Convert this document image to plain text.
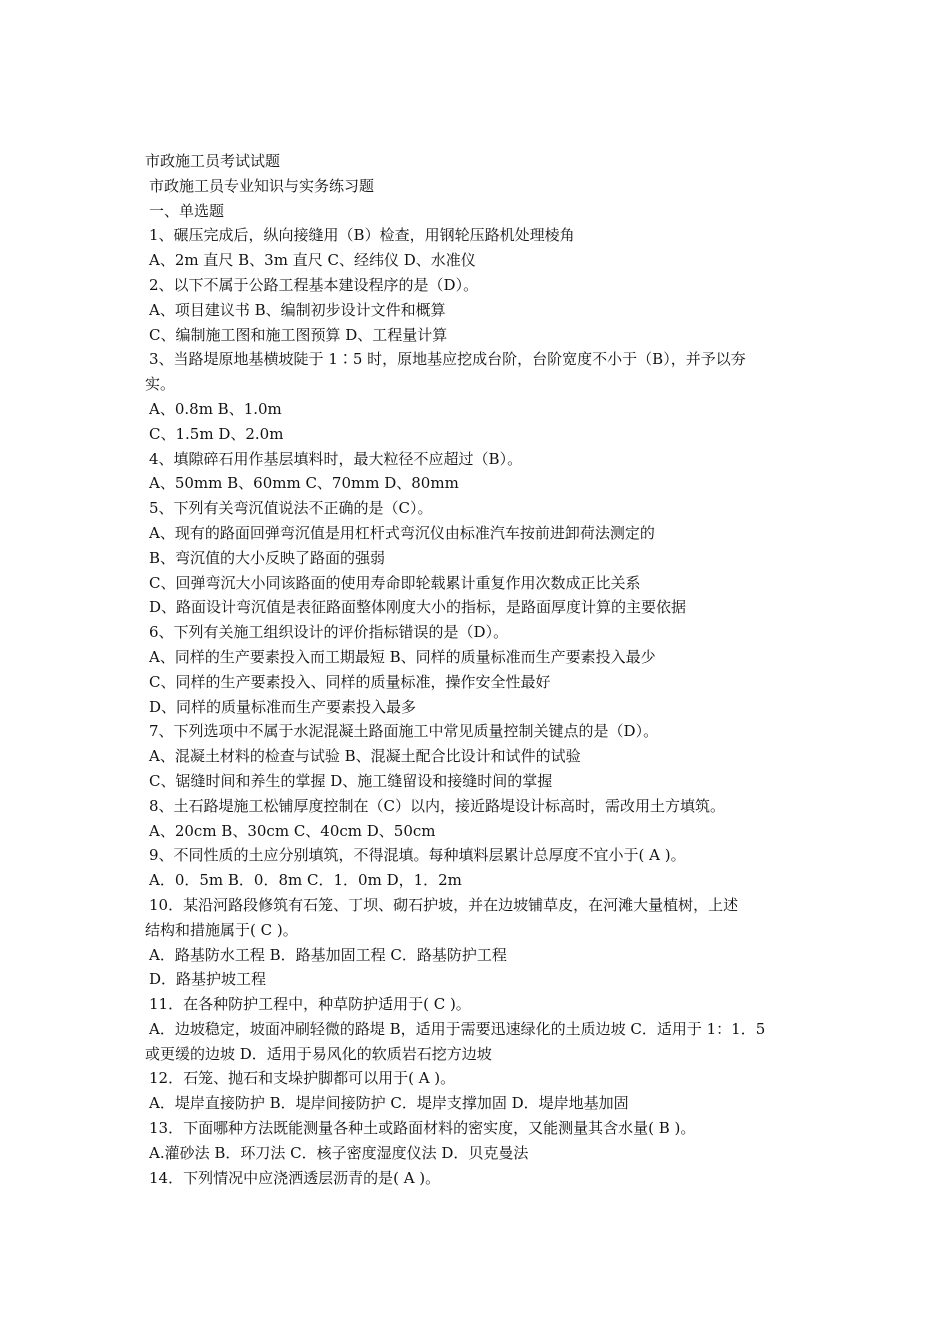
市政施工员考试试题
市政施工员专业知识与实务练习题
一、单选题
1、碾压完成后，纵向接缝用（B）检查，用钢轮压路机处理棱角
A、2m 直尺 B、3m 直尺 C、经纬仪 D、水准仪
2、以下不属于公路工程基本建设程序的是（D）。
A、项目建议书 B、编制初步设计文件和概算
C、编制施工图和施工图预算 D、工程量计算
3、当路堤原地基横坡陡于 1∶5 时，原地基应挖成台阶，台阶宽度不小于（B），并予以夯
实。
A、0.8m B、1.0m
C、1.5m D、2.0m
4、填隙碎石用作基层填料时，最大粒径不应超过（B）。
A、50mm B、60mm C、70mm D、80mm
5、下列有关弯沉值说法不正确的是（C）。
A、现有的路面回弹弯沉值是用杠杆式弯沉仪由标准汽车按前进卸荷法测定的
B、弯沉值的大小反映了路面的强弱
C、回弹弯沉大小同该路面的使用寿命即轮载累计重复作用次数成正比关系
D、路面设计弯沉值是表征路面整体刚度大小的指标，是路面厚度计算的主要依据
6、下列有关施工组织设计的评价指标错误的是（D）。
A、同样的生产要素投入而工期最短 B、同样的质量标准而生产要素投入最少
C、同样的生产要素投入、同样的质量标准，操作安全性最好
D、同样的质量标准而生产要素投入最多
7、下列选项中不属于水泥混凝土路面施工中常见质量控制关键点的是（D）。
A、混凝土材料的检查与试验 B、混凝土配合比设计和试件的试验
C、锯缝时间和养生的掌握 D、施工缝留设和接缝时间的掌握
8、土石路堤施工松铺厚度控制在（C）以内，接近路堤设计标高时，需改用土方填筑。
A、20cm B、30cm C、40cm D、50cm
9、不同性质的土应分别填筑，不得混填。每种填料层累计总厚度不宜小于( A )。
A．0．5m B．0．8m C．1．0m D，1．2m
10．某沿河路段修筑有石笼、丁坝、砌石护坡，并在边坡铺草皮，在河滩大量植树，上述
结构和措施属于( C )。
A．路基防水工程 B．路基加固工程 C．路基防护工程
D．路基护坡工程
11．在各种防护工程中，种草防护适用于( C )。
A．边坡稳定，坡面冲刷轻微的路堤 B，适用于需要迅速绿化的土质边坡 C．适用于 1：1．5
或更缓的边坡 D．适用于易风化的软质岩石挖方边坡
12．石笼、抛石和支垛护脚都可以用于( A )。
A．堤岸直接防护 B．堤岸间接防护 C．堤岸支撑加固 D．堤岸地基加固
13．下面哪种方法既能测量各种土或路面材料的密实度，又能测量其含水量( B )。
A.灌砂法 B．环刀法 C．核子密度湿度仪法 D．贝克曼法
14．下列情况中应浇洒透层沥青的是( A )。
